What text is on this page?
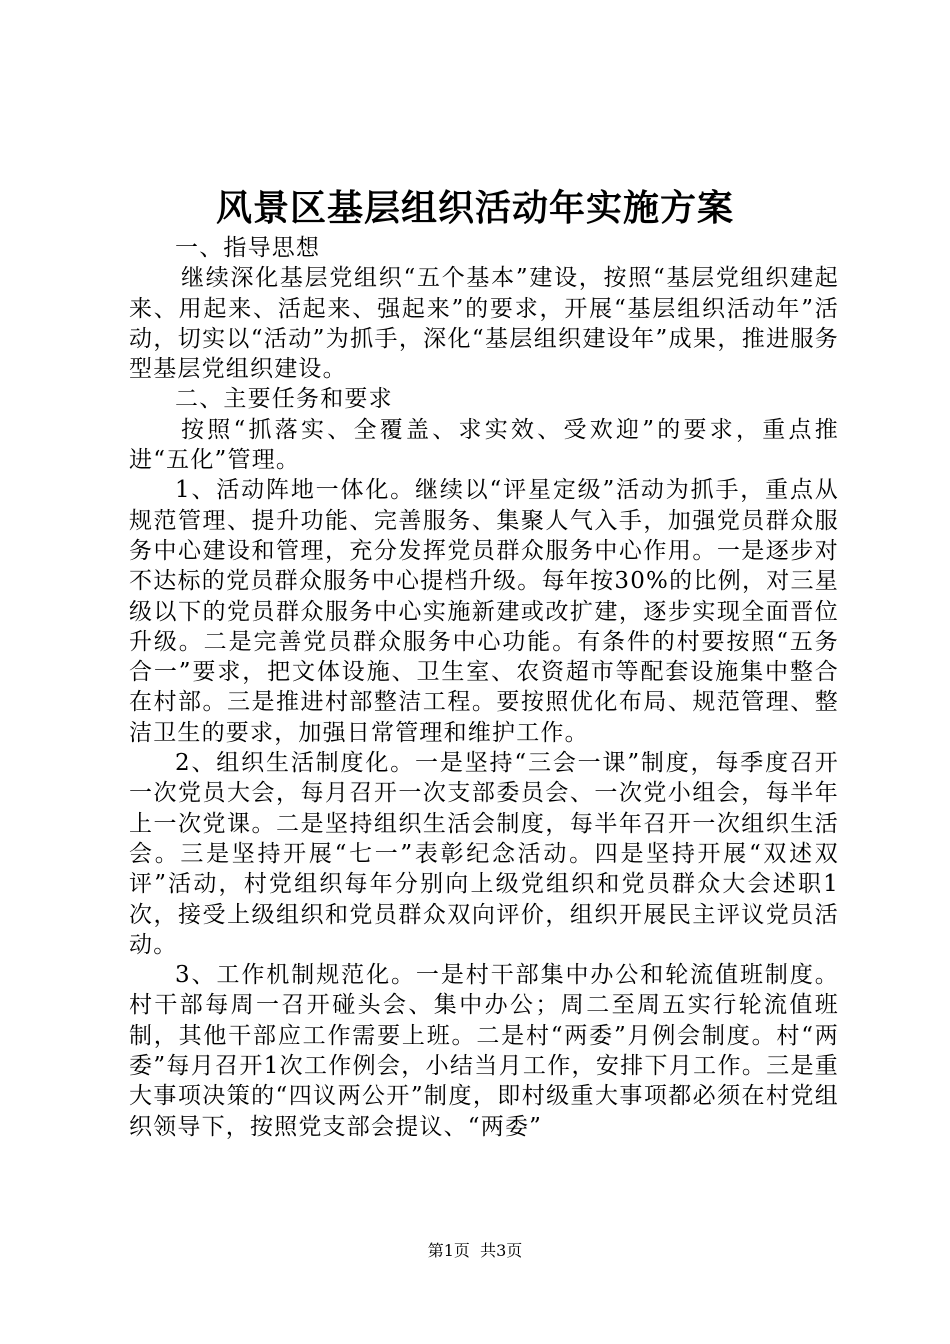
风景区基层组织活动年实施方案

一、指导思想

继续深化基层党组织“五个基本”建设，按照“基层党组织建起来、用起来、活起来、强起来”的要求，开展“基层组织活动年”活动，切实以“活动”为抓手，深化“基层组织建设年”成果，推进服务型基层党组织建设。

二、主要任务和要求

按照“抓落实、全覆盖、求实效、受欢迎”的要求，重点推进“五化”管理。

1、活动阵地一体化。继续以“评星定级”活动为抓手，重点从规范管理、提升功能、完善服务、集聚人气入手，加强党员群众服务中心建设和管理，充分发挥党员群众服务中心作用。一是逐步对不达标的党员群众服务中心提档升级。每年按30%的比例，对三星级以下的党员群众服务中心实施新建或改扩建，逐步实现全面晋位升级。二是完善党员群众服务中心功能。有条件的村要按照“五务合一”要求，把文体设施、卫生室、农资超市等配套设施集中整合在村部。三是推进村部整洁工程。要按照优化布局、规范管理、整洁卫生的要求，加强日常管理和维护工作。

2、组织生活制度化。一是坚持“三会一课”制度，每季度召开一次党员大会，每月召开一次支部委员会、一次党小组会，每半年上一次党课。二是坚持组织生活会制度，每半年召开一次组织生活会。三是坚持开展“七一”表彰纪念活动。四是坚持开展“双述双评”活动，村党组织每年分别向上级党组织和党员群众大会述职1次，接受上级组织和党员群众双向评价，组织开展民主评议党员活动。

3、工作机制规范化。一是村干部集中办公和轮流值班制度。村干部每周一召开碰头会、集中办公；周二至周五实行轮流值班制，其他干部应工作需要上班。二是村“两委”月例会制度。村“两委”每月召开1次工作例会，小结当月工作，安排下月工作。三是重大事项决策的“四议两公开”制度，即村级重大事项都必须在村党组织领导下，按照党支部会提议、“两委”

第1页 共3页
